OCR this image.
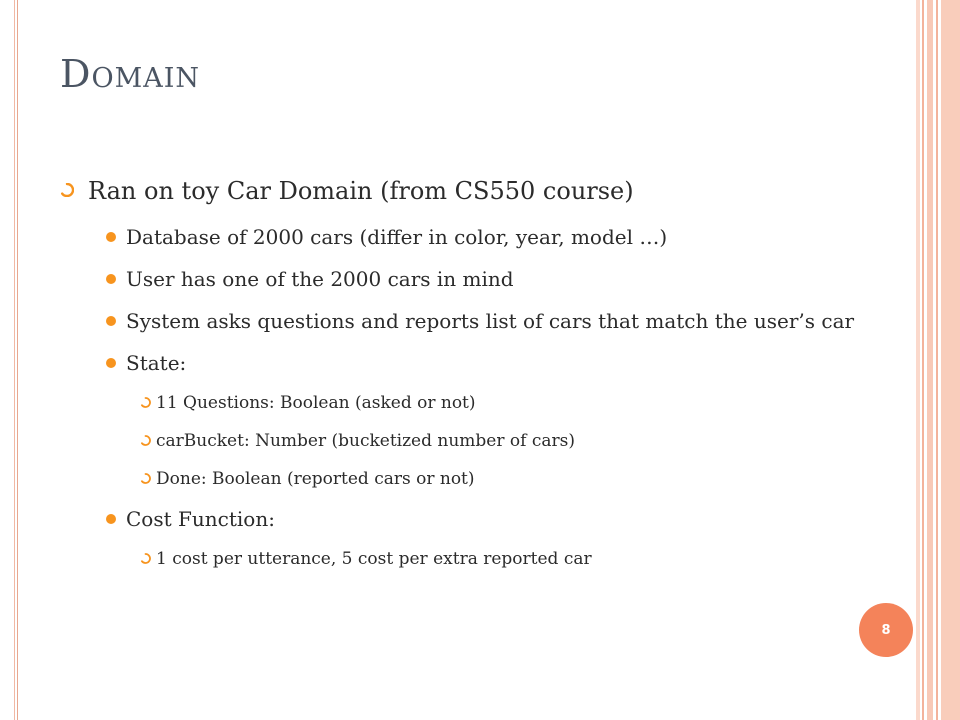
Domain
Ran on toy Car Domain (from CS550 course)
Database of 2000 cars (differ in color, year, model …)
User has one of the 2000 cars in mind
System asks questions and reports list of cars that match the user’s car
State:
11 Questions: Boolean (asked or not)
carBucket: Number (bucketized number of cars)
Done: Boolean (reported cars or not)
Cost Function:
1 cost per utterance, 5 cost per extra reported car
8
